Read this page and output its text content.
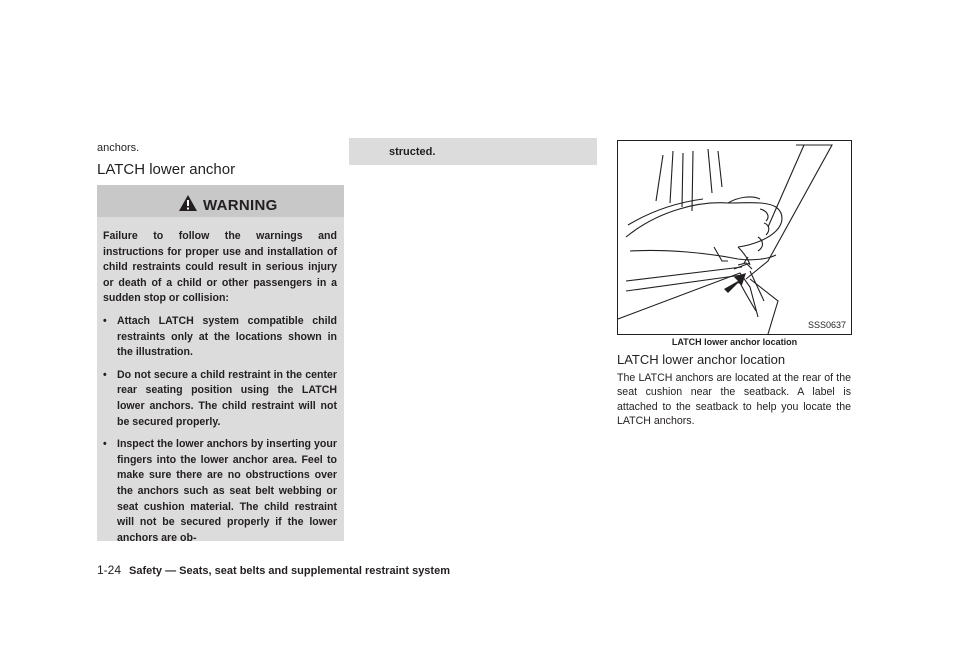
anchors.
LATCH lower anchor
WARNING

Failure to follow the warnings and instructions for proper use and installation of child restraints could result in serious injury or death of a child or other passengers in a sudden stop or collision:

• Attach LATCH system compatible child restraints only at the locations shown in the illustration.
• Do not secure a child restraint in the center rear seating position using the LATCH lower anchors. The child restraint will not be secured properly.
• Inspect the lower anchors by inserting your fingers into the lower anchor area. Feel to make sure there are no obstructions over the anchors such as seat belt webbing or seat cushion material. The child restraint will not be secured properly if the lower anchors are ob-
structed.
SSS0637
LATCH lower anchor location
LATCH lower anchor location
The LATCH anchors are located at the rear of the seat cushion near the seatback. A label is attached to the seatback to help you locate the LATCH anchors.
1-24 Safety — Seats, seat belts and supplemental restraint system
